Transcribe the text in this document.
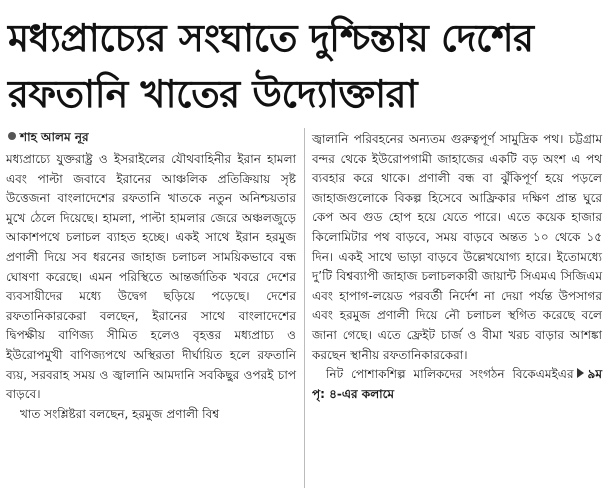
মধ্যপ্রাচ্যের সংঘাতে দুশ্চিন্তায় দেশের
রফতানি খাতের উদ্যোক্তারা
শাহ আলম নূর

মধ্যপ্রাচ্যে যুক্তরাষ্ট্র ও ইসরাইলের যৌথবাহিনীর ইরান হামলা এবং পাল্টা জবাবে ইরানের আঞ্চলিক প্রতিক্রিয়ায় সৃষ্ট উত্তেজনা বাংলাদেশের রফতানি খাতকে নতুন অনিশ্চয়তার মুখে ঠেলে দিয়েছে। হামলা, পাল্টা হামলার জেরে অঞ্চলজুড়ে আকাশপথে চলাচল ব্যাহত হচ্ছে। একই সাথে ইরান হরমুজ প্রণালী দিয়ে সব ধরনের জাহাজ চলাচল সাময়িকভাবে বন্ধ ঘোষণা করেছে। এমন পরিস্থিতে আন্তর্জাতিক খবরে দেশের ব্যবসায়ীদের মধ্যে উদ্বেগ ছড়িয়ে পড়েছে। দেশের রফতানিকারকেরা বলছেন, ইরানের সাথে বাংলাদেশের দ্বিপক্ষীয় বাণিজ্য সীমিত হলেও বৃহত্তর মধ্যপ্রাচ্য ও ইউরোপমুখী বাণিজ্যপথে অস্থিরতা দীর্ঘায়িত হলে রফতানি ব্যয়, সরবরাহ সময় ও জ্বালানি আমদানি সবকিছুর ওপরই চাপ বাড়বে।

খাত সংশ্লিষ্টরা বলছেন, হরমুজ প্রণালী বিশ্ব

জ্বালানি পরিবহনের অন্যতম গুরুত্বপূর্ণ সামুদ্রিক পথ। চট্টগ্রাম বন্দর থেকে ইউরোপগামী জাহাজের একটি বড় অংশ এ পথ ব্যবহার করে থাকে। প্রণালী বন্ধ বা ঝুঁকিপূর্ণ হয়ে পড়লে জাহাজগুলোকে বিকল্প হিসেবে আফ্রিকার দক্ষিণ প্রান্ত ঘুরে কেপ অব গুড হোপ হয়ে যেতে পারে। এতে কয়েক হাজার কিলোমিটার পথ বাড়বে, সময় বাড়বে অন্তত ১০ থেকে ১৫ দিন। একই সাথে ভাড়া বাড়বে উল্লেখযোগ্য হারে। ইতোমধ্যে দু’টি বিশ্বব্যাপী জাহাজ চলাচলকারী জায়ান্ট সিএমএ সিজিএম এবং হাপাগ-লয়েড পরবর্তী নির্দেশ না দেয়া পর্যন্ত উপসাগর এবং হরমুজ প্রণালী দিয়ে নৌ চলাচল স্থগিত করেছে বলে জানা গেছে। এতে ফ্রেইট চার্জ ও বীমা খরচ বাড়ার আশঙ্কা করছেন স্থানীয় রফতানিকারকেরা।

নিট পোশাকশিল্প মালিকদের সংগঠন বিকেএমইএর ৯ম পৃ: ৪-এর কলামে
